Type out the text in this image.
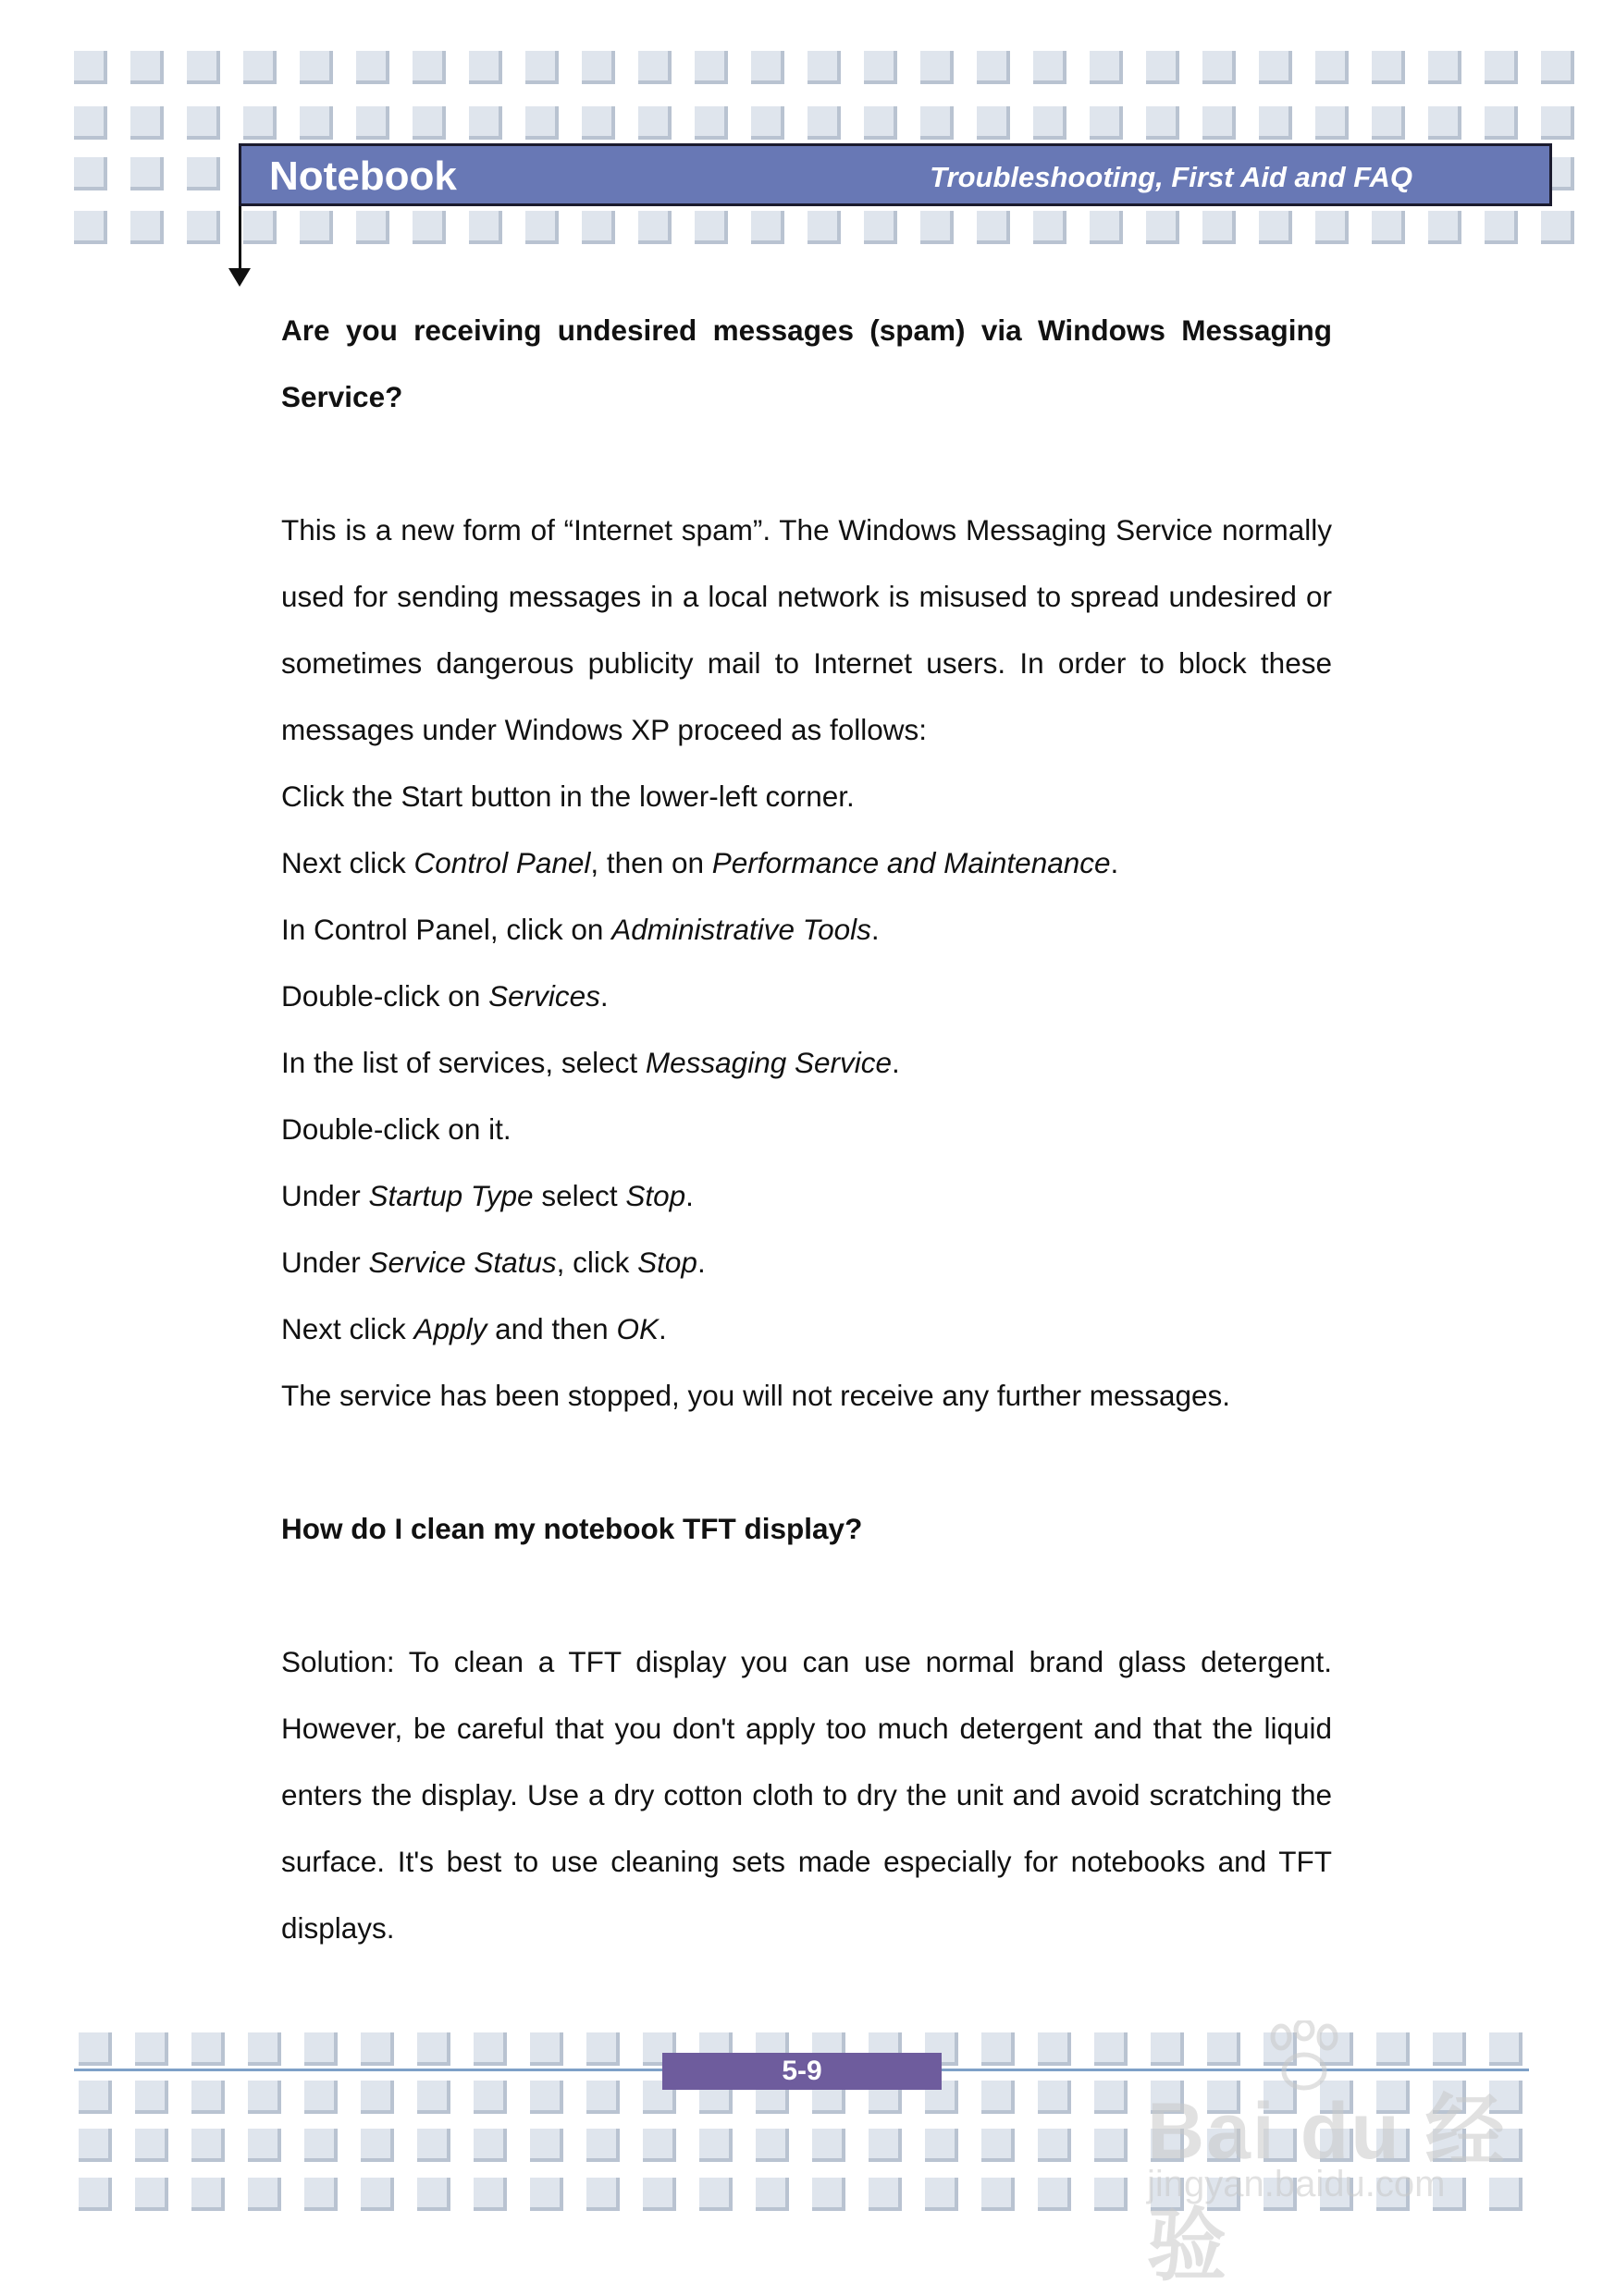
Notebook	Troubleshooting, First Aid and FAQ
Are you receiving undesired messages (spam) via Windows Messaging
Service?
This is a new form of “Internet spam”. The Windows Messaging Service normally
used for sending messages in a local network is misused to spread undesired or
sometimes dangerous publicity mail to Internet users. In order to block these
messages under Windows XP proceed as follows:
Click the Start button in the lower-left corner.
Next click Control Panel, then on Performance and Maintenance.
In Control Panel, click on Administrative Tools.
Double-click on Services.
In the list of services, select Messaging Service.
Double-click on it.
Under Startup Type select Stop.
Under Service Status, click Stop.
Next click Apply and then OK.
The service has been stopped, you will not receive any further messages.
How do I clean my notebook TFT display?
Solution: To clean a TFT display you can use normal brand glass detergent.
However, be careful that you don't apply too much detergent and that the liquid
enters the display. Use a dry cotton cloth to dry the unit and avoid scratching the
surface. It's best to use cleaning sets made especially for notebooks and TFT
displays.
5-9
Bai du 经验
jingyan.baidu.com
